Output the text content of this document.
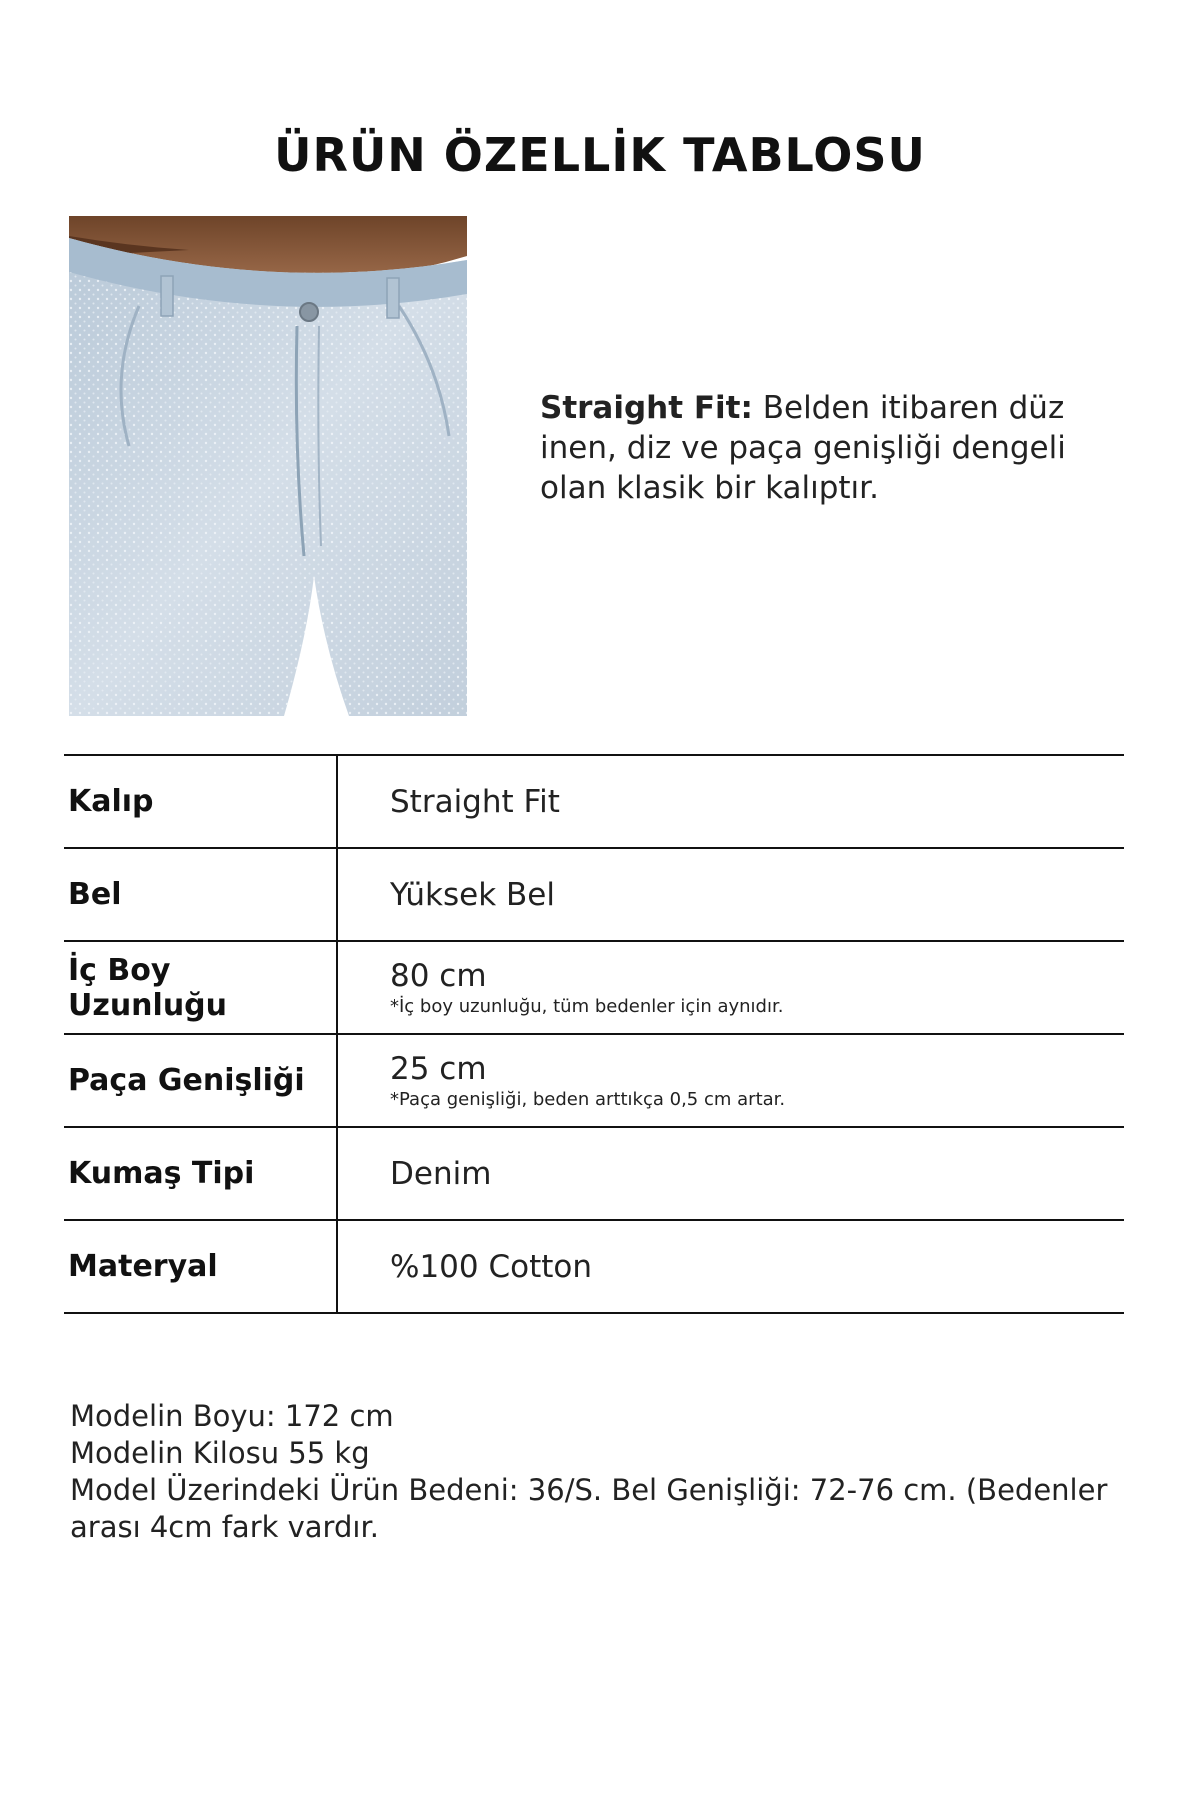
ÜRÜN ÖZELLİK TABLOSU
Straight Fit: Belden itibaren düz inen, diz ve paça genişliği dengeli olan klasik bir kalıptır.
Kalıp	Straight Fit
Bel	Yüksek Bel
İç Boy Uzunluğu	80 cm
*İç boy uzunluğu, tüm bedenler için aynıdır.

Paça Genişliği	25 cm
*Paça genişliği, beden arttıkça 0,5 cm artar.

Kumaş Tipi	Denim
Materyal	%100 Cotton
Modelin Boyu: 172 cm
Modelin Kilosu 55 kg
Model Üzerindeki Ürün Bedeni: 36/S. Bel Genişliği: 72-76 cm. (Bedenler arası 4cm fark vardır.
